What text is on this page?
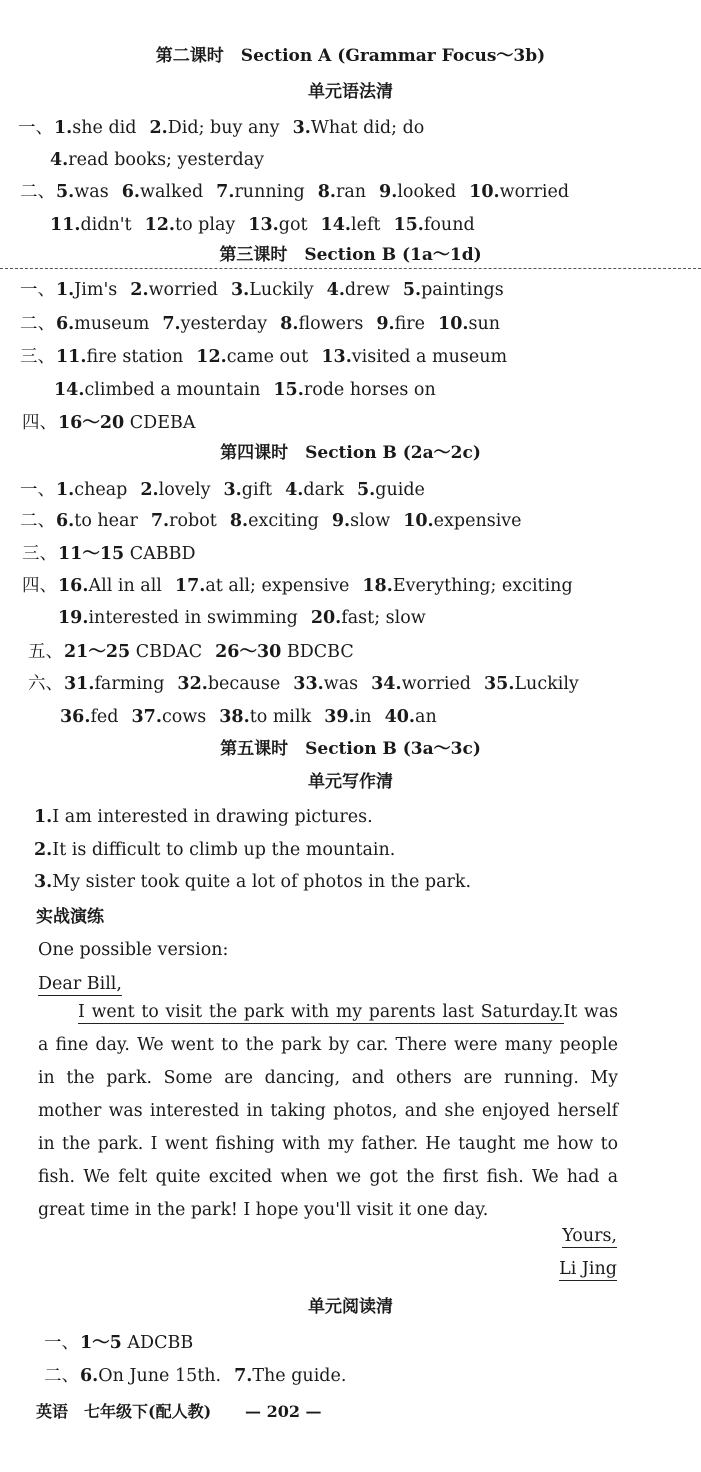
第二课时　Section A (Grammar Focus～3b)
单元语法清
一、1.she did 2.Did; buy any 3.What did; do
4.read books; yesterday
二、5.was 6.walked 7.running 8.ran 9.looked 10.worried
11.didn't 12.to play 13.got 14.left 15.found
第三课时　Section B (1a～1d)
一、1.Jim's 2.worried 3.Luckily 4.drew 5.paintings
二、6.museum 7.yesterday 8.flowers 9.fire 10.sun
三、11.fire station 12.came out 13.visited a museum
14.climbed a mountain 15.rode horses on
四、16～20 CDEBA
第四课时　Section B (2a～2c)
一、1.cheap 2.lovely 3.gift 4.dark 5.guide
二、6.to hear 7.robot 8.exciting 9.slow 10.expensive
三、11～15 CABBD
四、16.All in all 17.at all; expensive 18.Everything; exciting
19.interested in swimming 20.fast; slow
五、21～25 CBDAC 26～30 BDCBC
六、31.farming 32.because 33.was 34.worried 35.Luckily
36.fed 37.cows 38.to milk 39.in 40.an
第五课时　Section B (3a～3c)
单元写作清
1.I am interested in drawing pictures.
2.It is difficult to climb up the mountain.
3.My sister took quite a lot of photos in the park.
实战演练
One possible version:
Dear Bill,
I went to visit the park with my parents last Saturday.It was a fine day. We went to the park by car. There were many people in the park. Some are dancing, and others are running. My mother was interested in taking photos, and she enjoyed herself in the park. I went fishing with my father. He taught me how to fish. We felt quite excited when we got the first fish. We had a great time in the park! I hope you'll visit it one day.
Yours,
Li Jing
单元阅读清
一、1～5 ADCBB
二、6.On June 15th. 7.The guide.
英语　七年级下(配人教) — 202 —
